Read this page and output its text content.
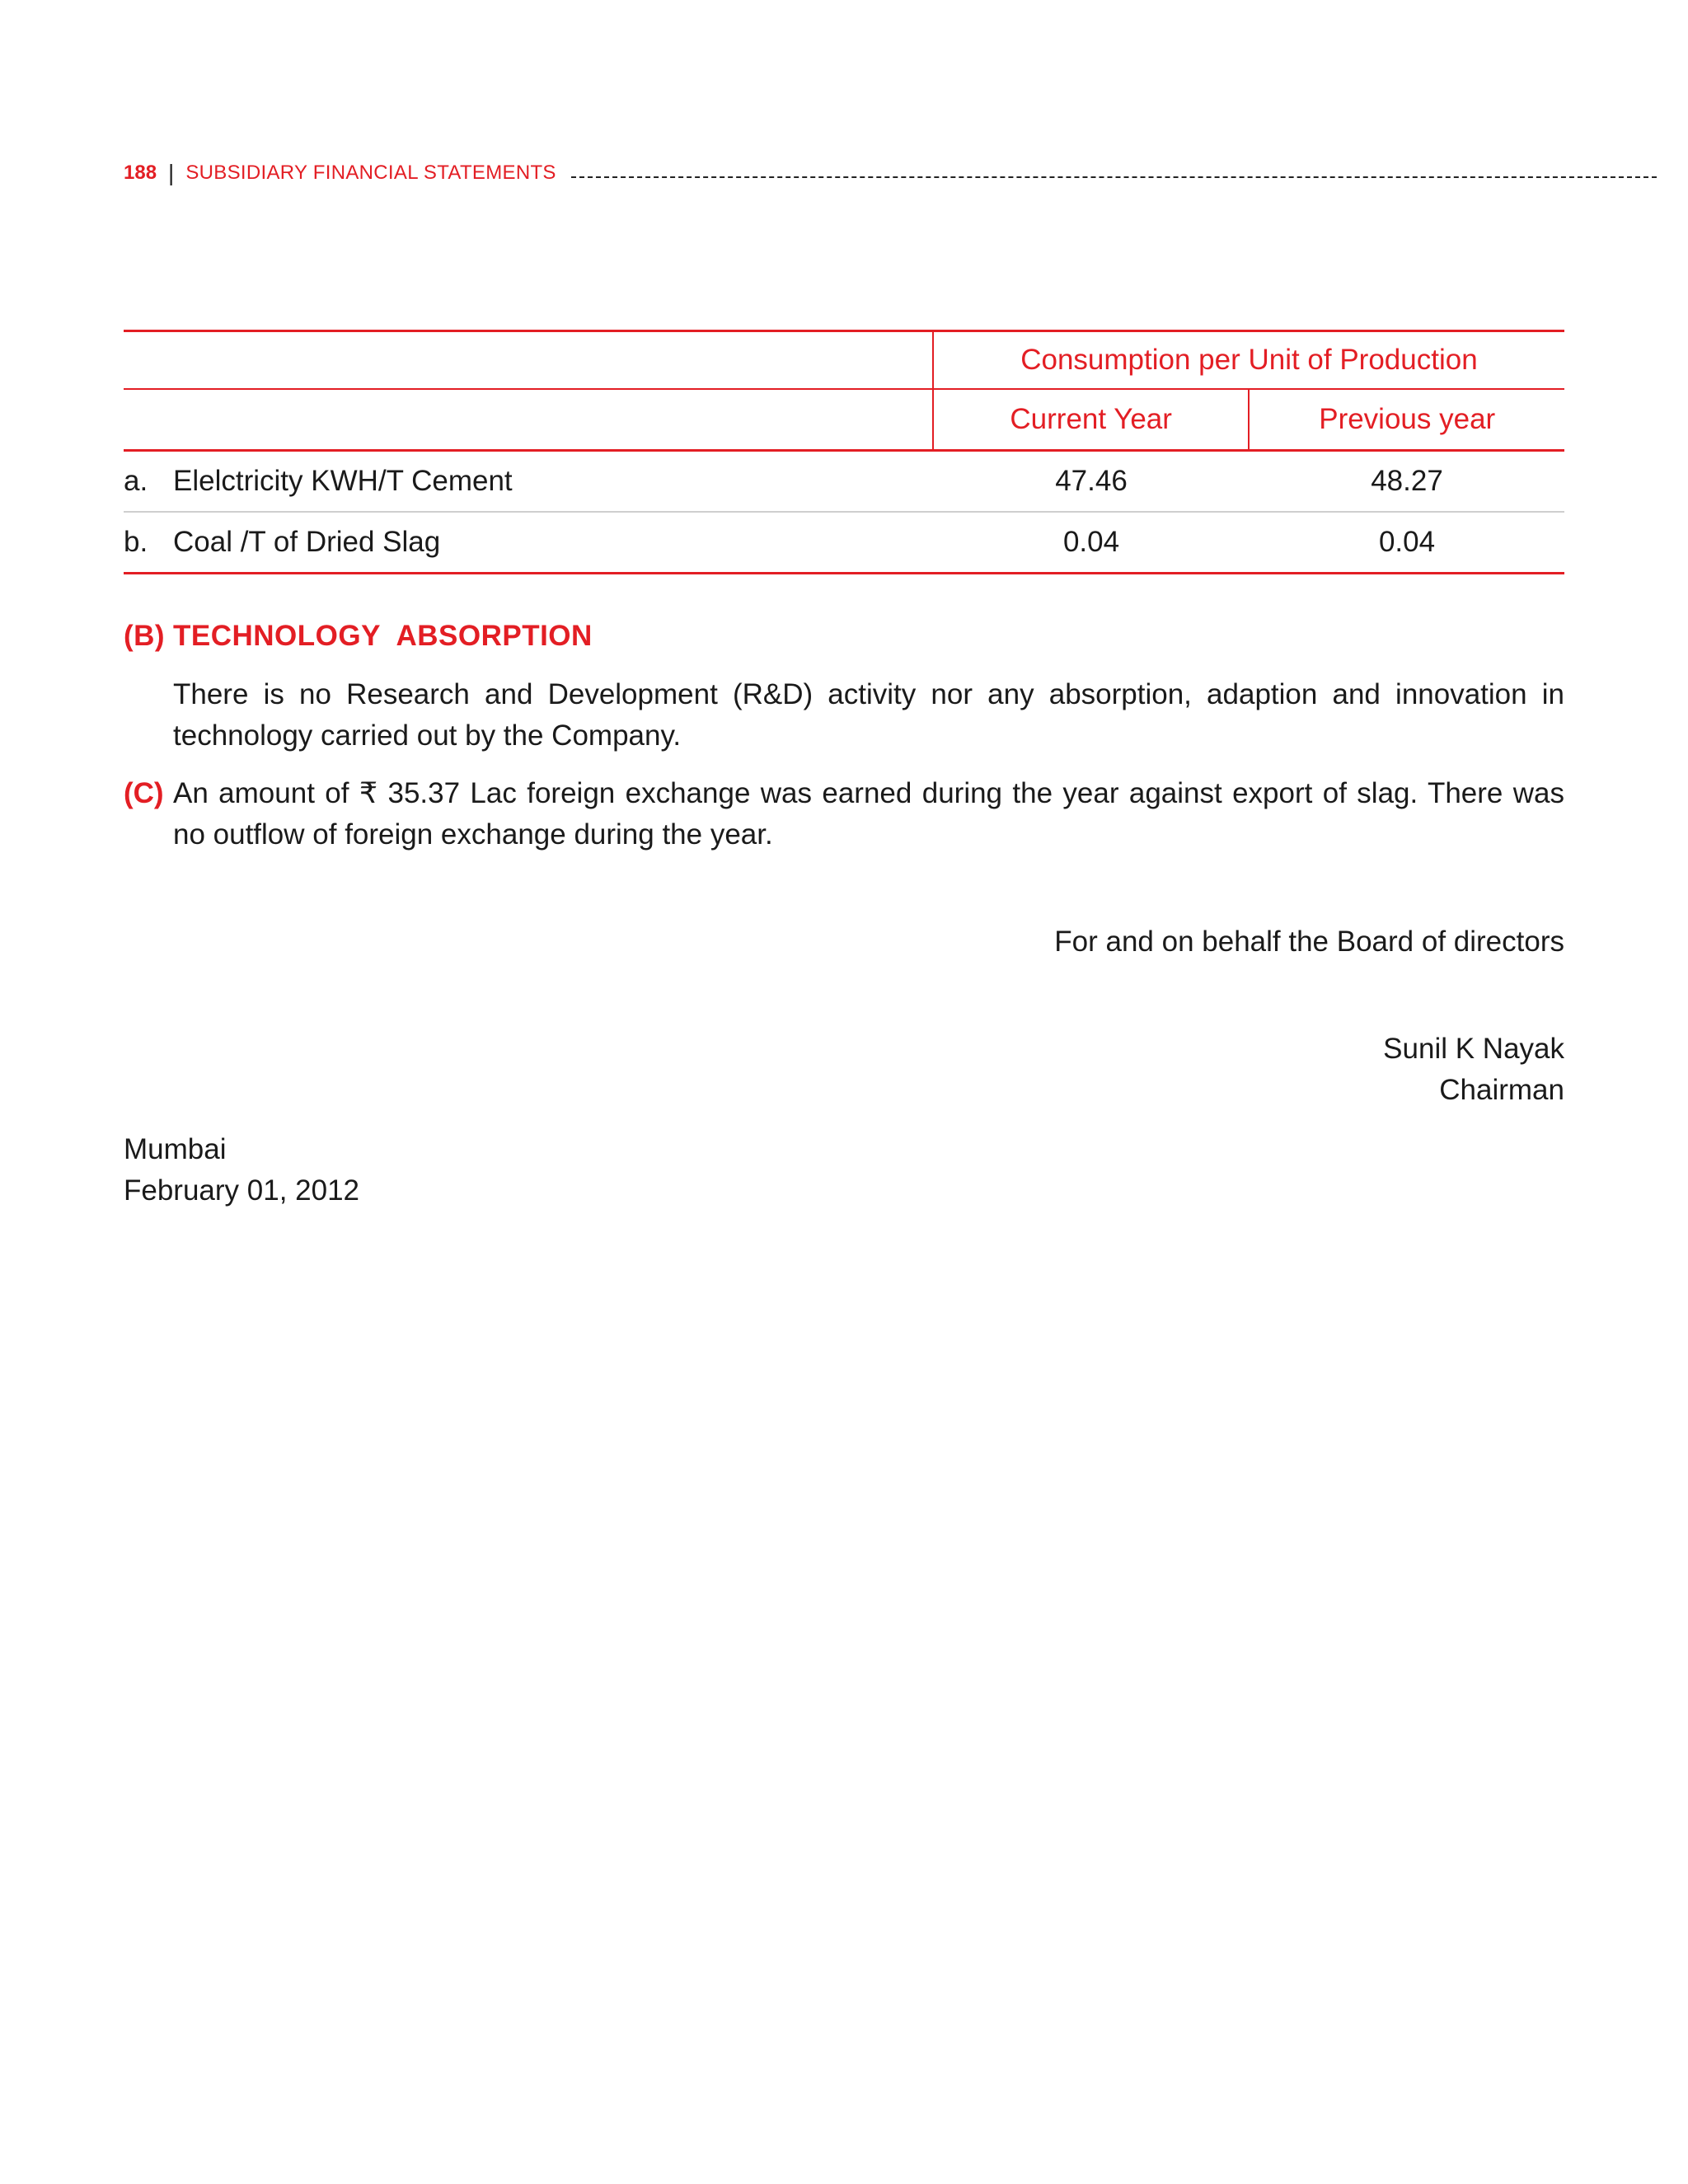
188 | SUBSIDIARY FINANCIAL STATEMENTS
Consumption per Unit of Production
Current Year	Previous year
a. Elelctricity KWH/T Cement	47.46	48.27
b. Coal /T of Dried Slag	0.04	0.04
(B) TECHNOLOGY  ABSORPTION
There is no Research and Development (R&D) activity nor any absorption, adaption and innovation in technology carried out by the Company.
(C) An amount of ₹ 35.37 Lac foreign exchange was earned during the year against export of slag. There was no outflow of foreign exchange during the year.
For and on behalf the Board of directors
Sunil K Nayak
Chairman
Mumbai
February 01, 2012
